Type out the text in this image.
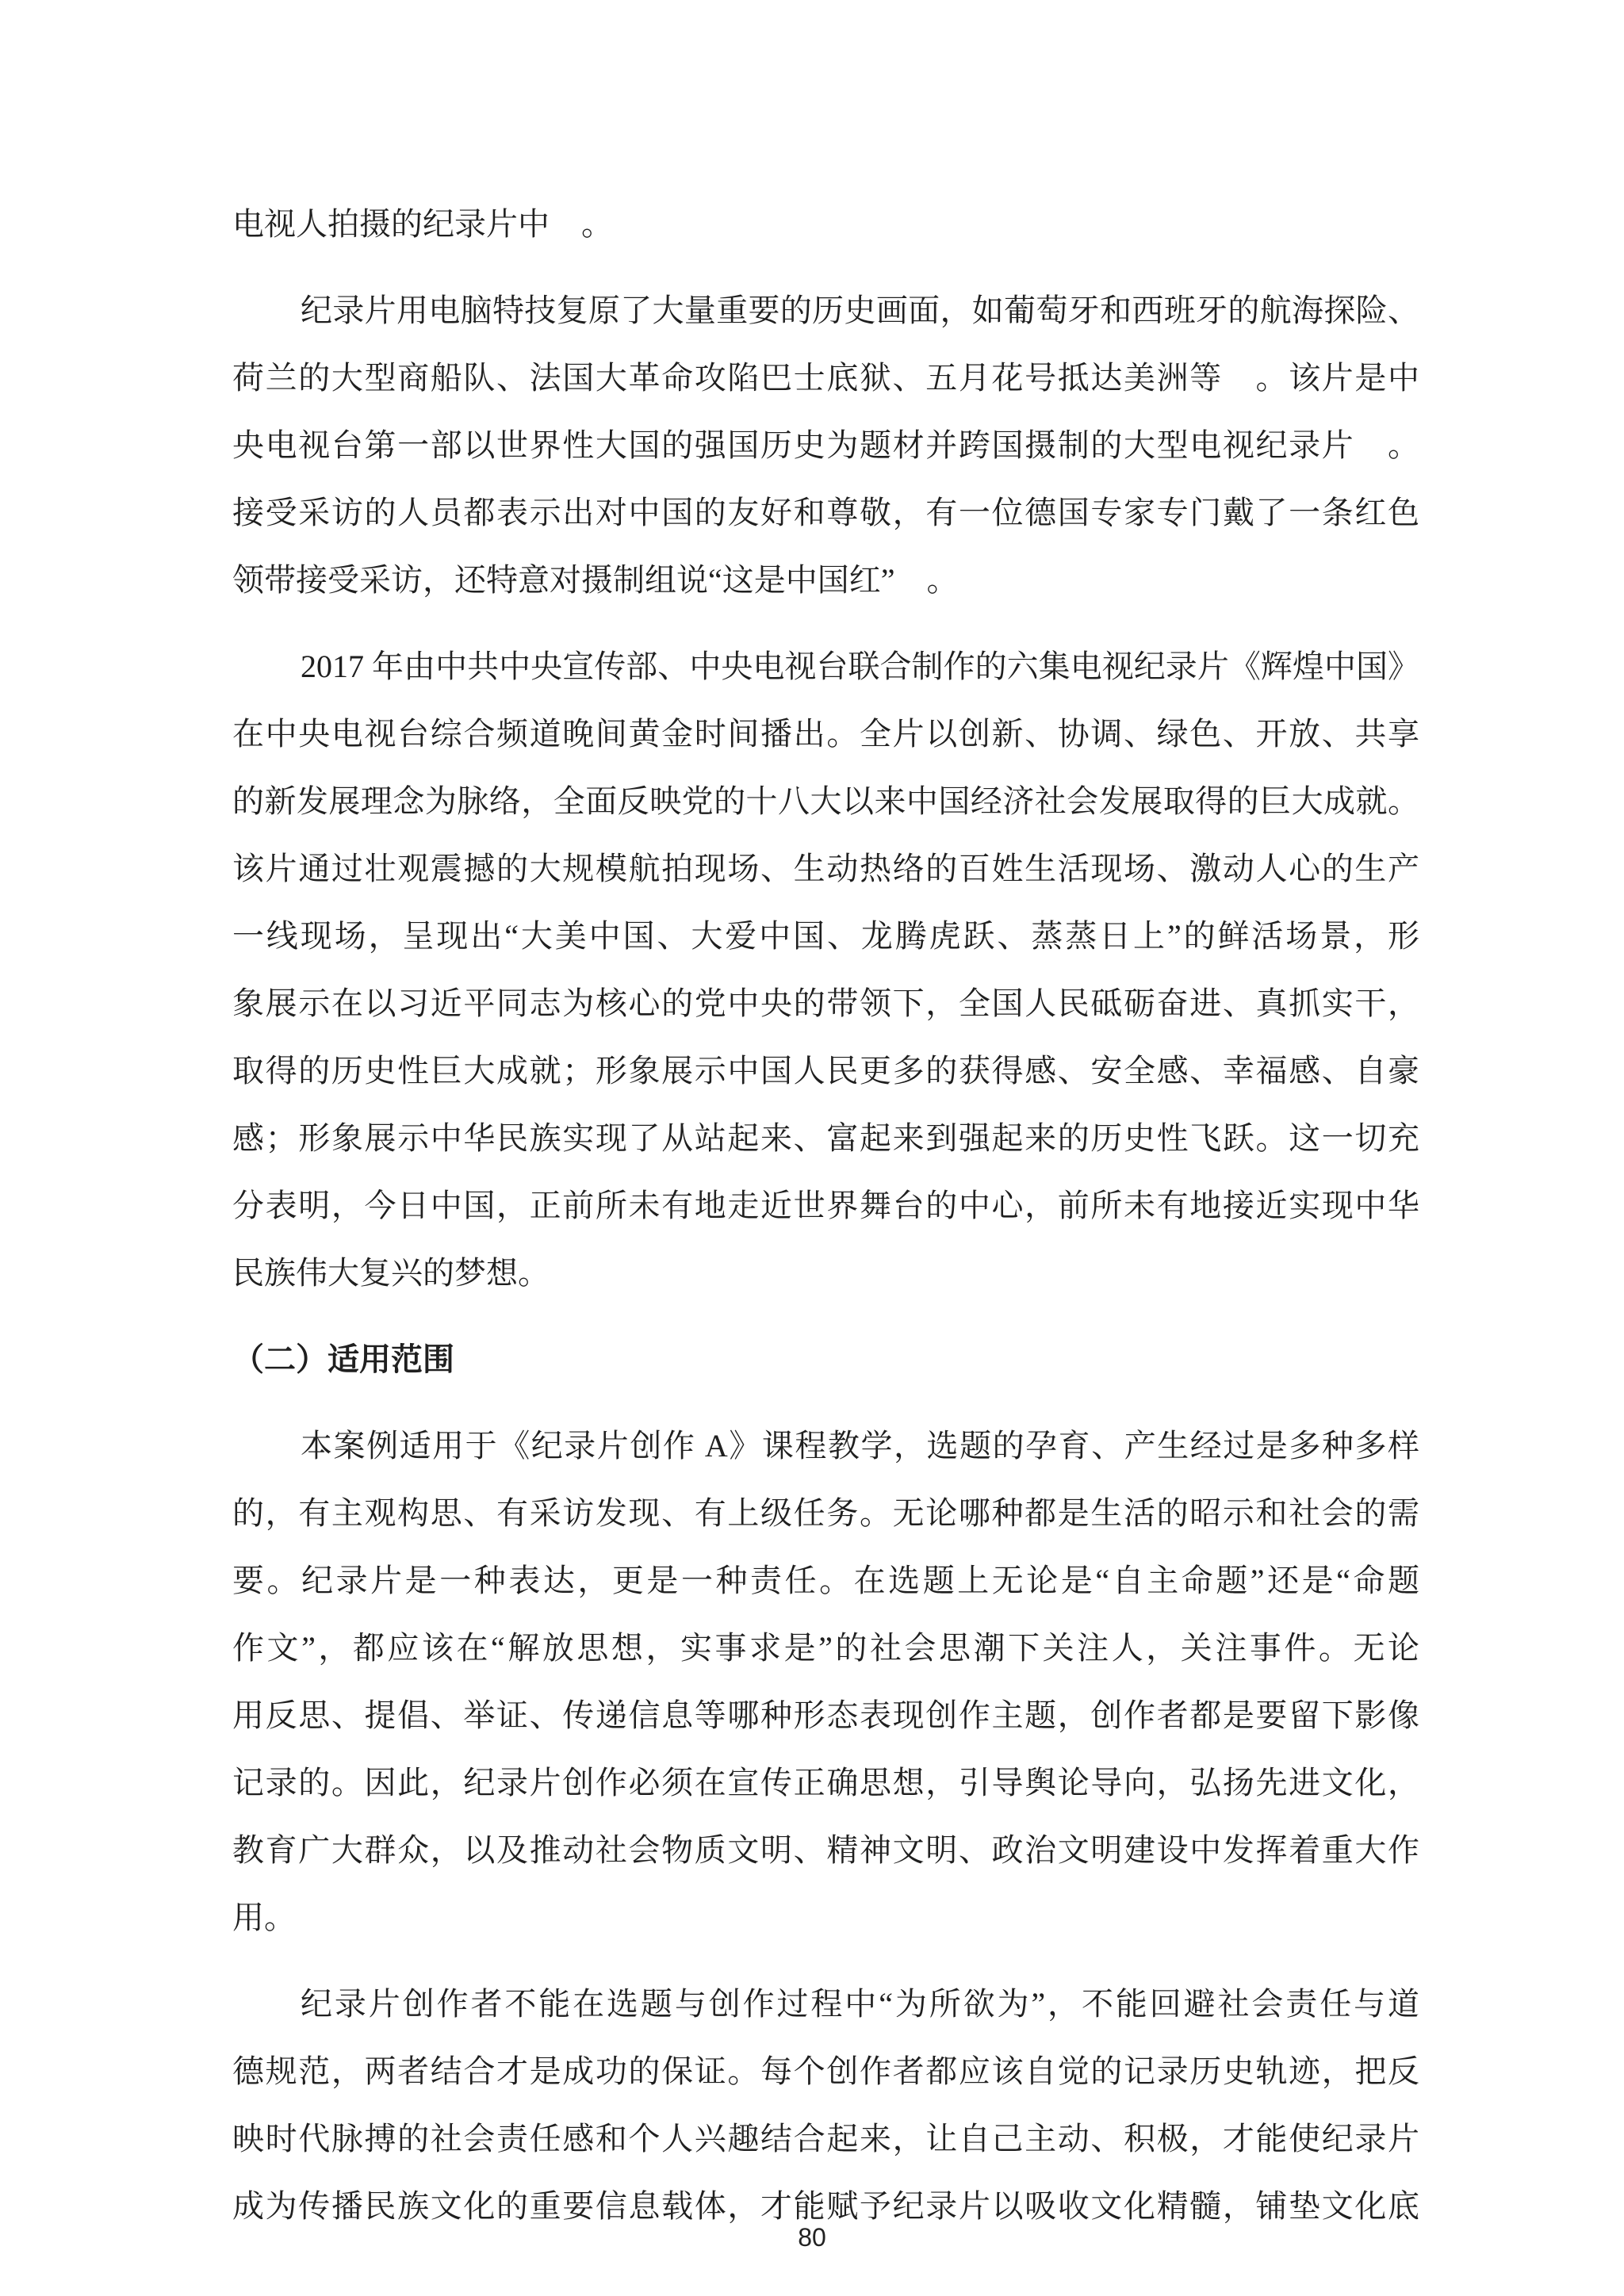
电视人拍摄的纪录片中　。
纪录片用电脑特技复原了大量重要的历史画面，如葡萄牙和西班牙的航海探险、
荷兰的大型商船队、法国大革命攻陷巴士底狱、五月花号抵达美洲等　。该片是中
央电视台第一部以世界性大国的强国历史为题材并跨国摄制的大型电视纪录片　。
接受采访的人员都表示出对中国的友好和尊敬，有一位德国专家专门戴了一条红色
领带接受采访，还特意对摄制组说“这是中国红”　。
2017 年由中共中央宣传部、中央电视台联合制作的六集电视纪录片《辉煌中国》
在中央电视台综合频道晚间黄金时间播出。全片以创新、协调、绿色、开放、共享
的新发展理念为脉络，全面反映党的十八大以来中国经济社会发展取得的巨大成就。
该片通过壮观震撼的大规模航拍现场、生动热络的百姓生活现场、激动人心的生产
一线现场，呈现出“大美中国、大爱中国、龙腾虎跃、蒸蒸日上”的鲜活场景，形
象展示在以习近平同志为核心的党中央的带领下，全国人民砥砺奋进、真抓实干，
取得的历史性巨大成就；形象展示中国人民更多的获得感、安全感、幸福感、自豪
感；形象展示中华民族实现了从站起来、富起来到强起来的历史性飞跃。这一切充
分表明，今日中国，正前所未有地走近世界舞台的中心，前所未有地接近实现中华
民族伟大复兴的梦想。
（二）适用范围
本案例适用于《纪录片创作 A》课程教学，选题的孕育、产生经过是多种多样
的，有主观构思、有采访发现、有上级任务。无论哪种都是生活的昭示和社会的需
要。纪录片是一种表达，更是一种责任。在选题上无论是“自主命题”还是“命题
作文”，都应该在“解放思想，实事求是”的社会思潮下关注人，关注事件。无论
用反思、提倡、举证、传递信息等哪种形态表现创作主题，创作者都是要留下影像
记录的。因此，纪录片创作必须在宣传正确思想，引导舆论导向，弘扬先进文化，
教育广大群众，以及推动社会物质文明、精神文明、政治文明建设中发挥着重大作
用。
纪录片创作者不能在选题与创作过程中“为所欲为”，不能回避社会责任与道
德规范，两者结合才是成功的保证。每个创作者都应该自觉的记录历史轨迹，把反
映时代脉搏的社会责任感和个人兴趣结合起来，让自己主动、积极，才能使纪录片
成为传播民族文化的重要信息载体，才能赋予纪录片以吸收文化精髓，铺垫文化底
80
